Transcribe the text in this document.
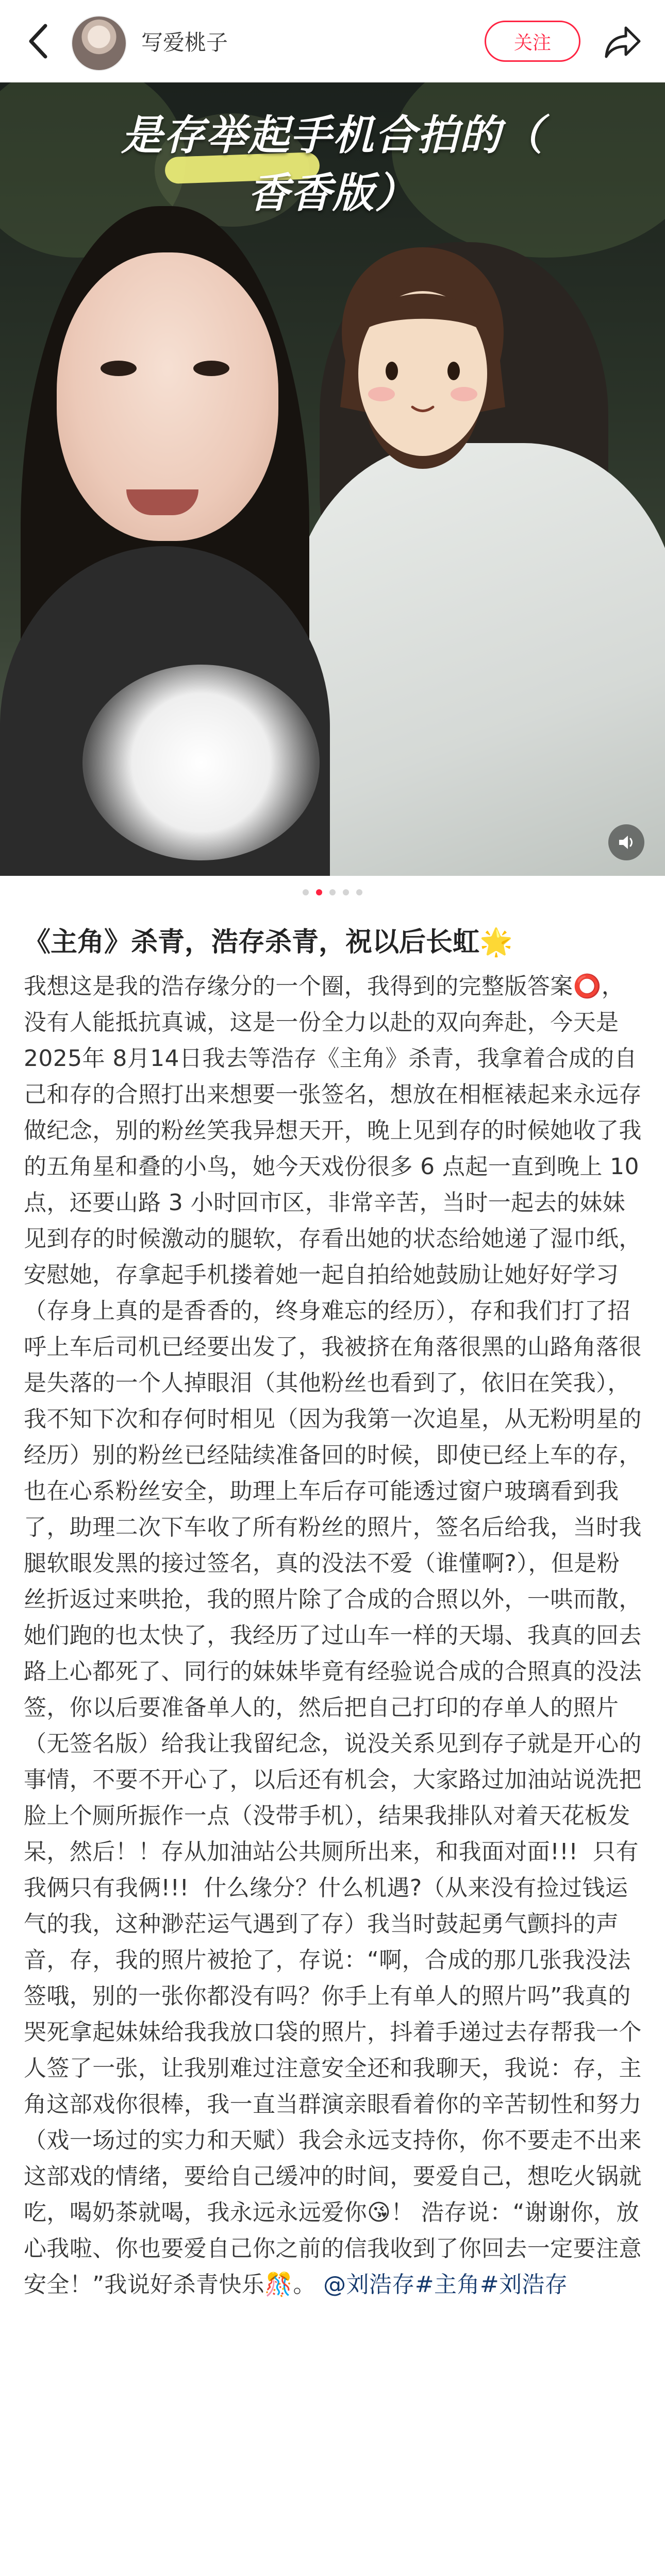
写爱桃子	关注
是存举起手机合拍的（
香香版）
《主角》杀青，浩存杀青，祝以后长虹🌟

我想这是我的浩存缘分的一个圈，我得到的完整版答案⭕️，没有人能抵抗真诚，这是一份全力以赴的双向奔赴，今天是 2025年 8月14日我去等浩存《主角》杀青，我拿着合成的自己和存的合照打出来想要一张签名，想放在相框裱起来永远存做纪念，别的粉丝笑我异想天开，晚上见到存的时候她收了我的五角星和叠的小鸟，她今天戏份很多 6 点起一直到晚上 10 点，还要山路 3 小时回市区，非常辛苦，当时一起去的妹妹见到存的时候激动的腿软，存看出她的状态给她递了湿巾纸，安慰她，存拿起手机搂着她一起自拍给她鼓励让她好好学习（存身上真的是香香的，终身难忘的经历），存和我们打了招呼上车后司机已经要出发了，我被挤在角落很黑的山路角落很是失落的一个人掉眼泪（其他粉丝也看到了，依旧在笑我），我不知下次和存何时相见（因为我第一次追星，从无粉明星的经历）别的粉丝已经陆续准备回的时候，即使已经上车的存，也在心系粉丝安全，助理上车后存可能透过窗户玻璃看到我了，助理二次下车收了所有粉丝的照片，签名后给我，当时我腿软眼发黑的接过签名，真的没法不爱（谁懂啊?），但是粉丝折返过来哄抢，我的照片除了合成的合照以外，一哄而散，她们跑的也太快了，我经历了过山车一样的天塌、我真的回去路上心都死了、同行的妹妹毕竟有经验说合成的合照真的没法签，你以后要准备单人的，然后把自己打印的存单人的照片（无签名版）给我让我留纪念，说没关系见到存子就是开心的事情，不要不开心了，以后还有机会，大家路过加油站说洗把脸上个厕所振作一点（没带手机），结果我排队对着天花板发呆，然后！！存从加油站公共厕所出来，和我面对面!!!  只有我俩只有我俩!!!  什么缘分？什么机遇?（从来没有捡过钱运气的我，这种渺茫运气遇到了存）我当时鼓起勇气颤抖的声音，存，我的照片被抢了，存说：“啊，合成的那几张我没法签哦，别的一张你都没有吗？你手上有单人的照片吗”我真的哭死拿起妹妹给我我放口袋的照片，抖着手递过去存帮我一个人签了一张，让我别难过注意安全还和我聊天，我说：存，主角这部戏你很棒，我一直当群演亲眼看着你的辛苦韧性和努力（戏一场过的实力和天赋）我会永远支持你，你不要走不出来这部戏的情绪，要给自己缓冲的时间，要爱自己，想吃火锅就吃，喝奶茶就喝，我永远永远爱你😘！ 浩存说：“谢谢你，放心我啦、你也要爱自己你之前的信我收到了你回去一定要注意安全！”我说好杀青快乐🎊。 @刘浩存#主角#刘浩存
